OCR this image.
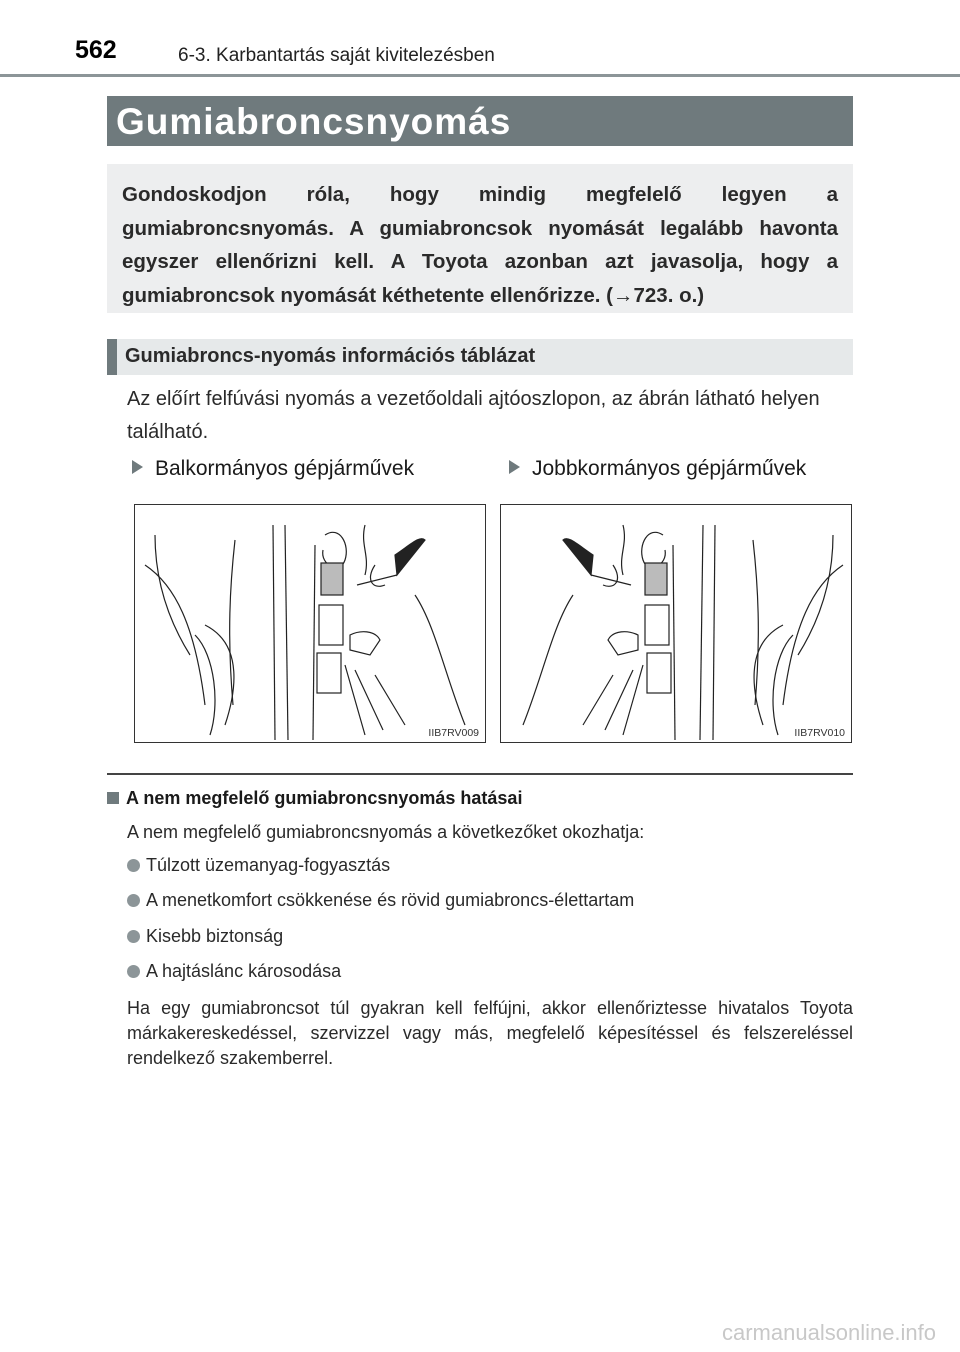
562	6-3. Karbantartás saját kivitelezésben
Gumiabroncsnyomás

Gondoskodjon róla, hogy mindig megfelelő legyen a gumiabroncsnyomás. A gumiabroncsok nyomását legalább havonta egyszer ellenőrizni kell. A Toyota azonban azt javasolja, hogy a gumiabroncsok nyomását kéthetente ellenőrizze. (→723. o.)

Gumiabroncs-nyomás információs táblázat

Az előírt felfúvási nyomás a vezetőoldali ajtóoszlopon, az ábrán látható helyen található.

Balkormányos gépjárművek	Jobbkormányos gépjárművek
IIB7RV009	IIB7RV010
A nem megfelelő gumiabroncsnyomás hatásai

A nem megfelelő gumiabroncsnyomás a következőket okozhatja:

Túlzott üzemanyag-fogyasztás
A menetkomfort csökkenése és rövid gumiabroncs-élettartam
Kisebb biztonság
A hajtáslánc károsodása

Ha egy gumiabroncsot túl gyakran kell felfújni, akkor ellenőriztesse hivatalos Toyota márkakereskedéssel, szervizzel vagy más, megfelelő képesítéssel és felszereléssel rendelkező szakemberrel.

carmanualsonline.info
